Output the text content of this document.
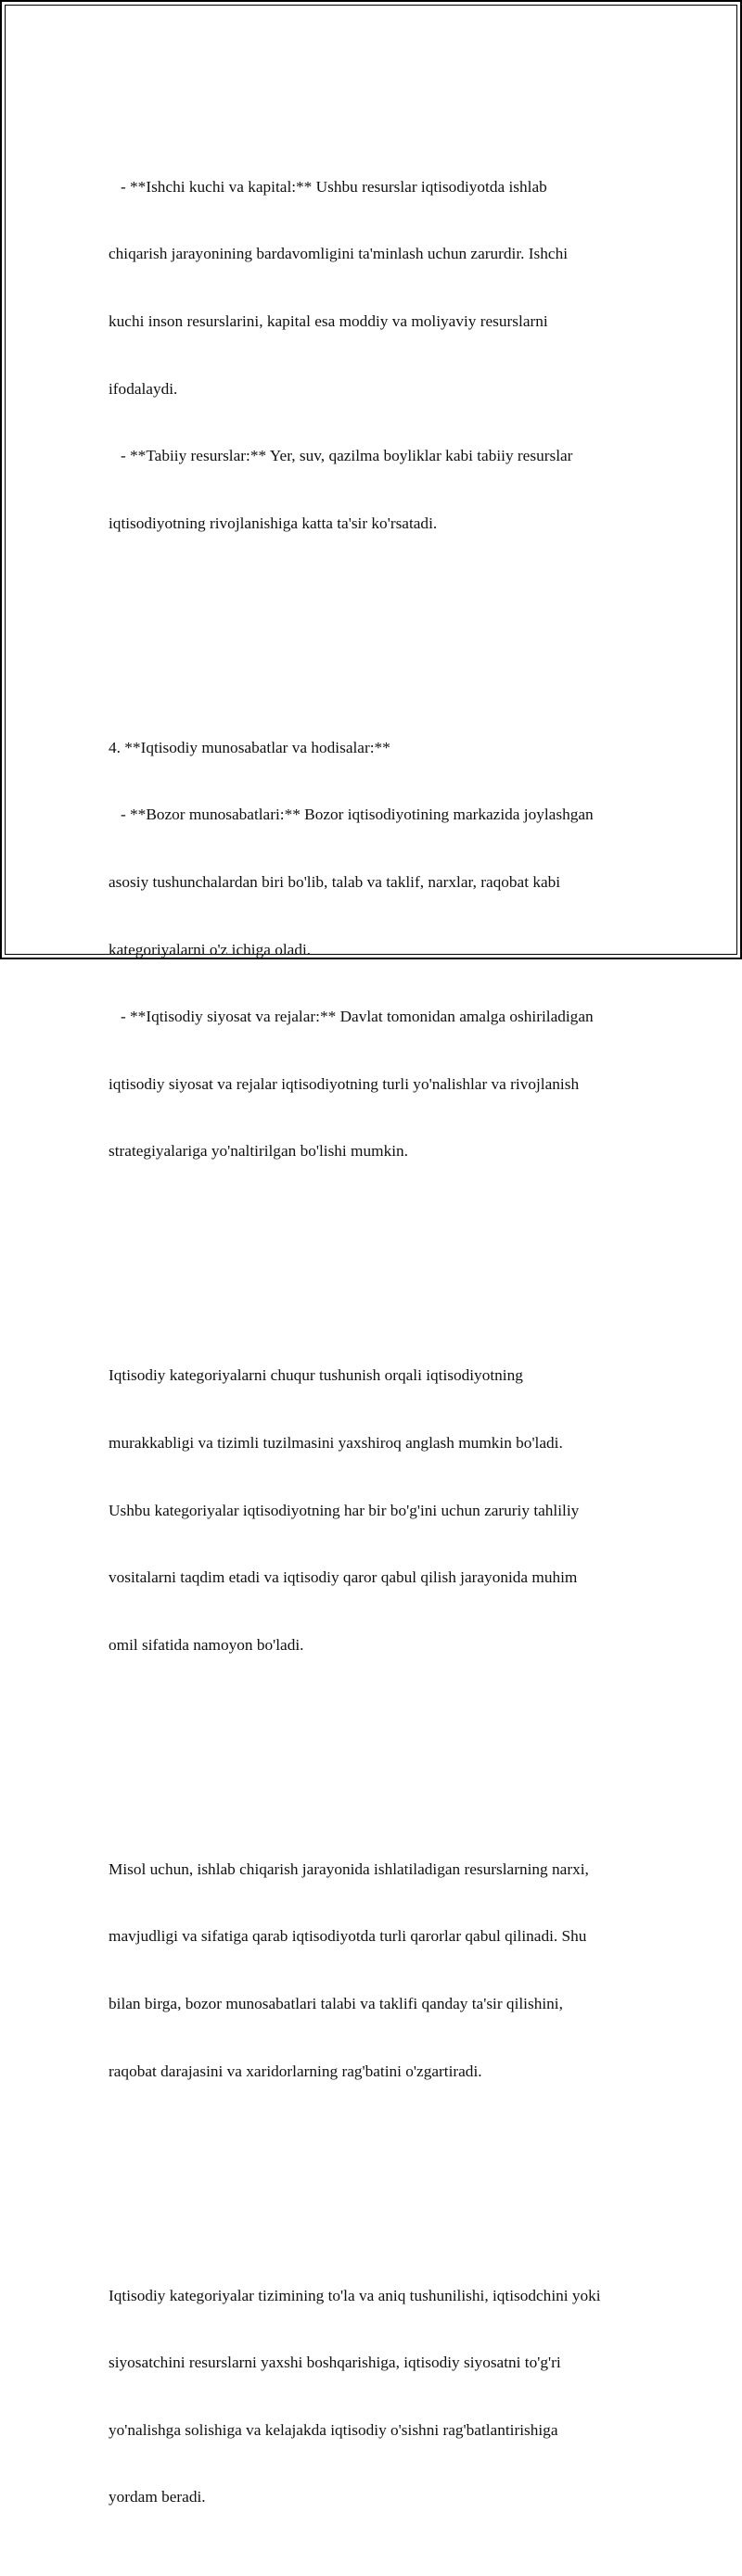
- **Ishchi kuchi va kapital:** Ushbu resurslar iqtisodiyotda ishlab

chiqarish jarayonining bardavomligini ta'minlash uchun zarurdir. Ishchi

kuchi inson resurslarini, kapital esa moddiy va moliyaviy resurslarni

ifodalaydi.

- **Tabiiy resurslar:** Yer, suv, qazilma boyliklar kabi tabiiy resurslar

iqtisodiyotning rivojlanishiga katta ta'sir ko'rsatadi.

4. **Iqtisodiy munosabatlar va hodisalar:**

- **Bozor munosabatlari:** Bozor iqtisodiyotining markazida joylashgan

asosiy tushunchalardan biri bo'lib, talab va taklif, narxlar, raqobat kabi

kategoriyalarni o'z ichiga oladi.

- **Iqtisodiy siyosat va rejalar:** Davlat tomonidan amalga oshiriladigan

iqtisodiy siyosat va rejalar iqtisodiyotning turli yo'nalishlar va rivojlanish

strategiyalariga yo'naltirilgan bo'lishi mumkin.

Iqtisodiy kategoriyalarni chuqur tushunish orqali iqtisodiyotning

murakkabligi va tizimli tuzilmasini yaxshiroq anglash mumkin bo'ladi.

Ushbu kategoriyalar iqtisodiyotning har bir bo'g'ini uchun zaruriy tahliliy

vositalarni taqdim etadi va iqtisodiy qaror qabul qilish jarayonida muhim

omil sifatida namoyon bo'ladi.

Misol uchun, ishlab chiqarish jarayonida ishlatiladigan resurslarning narxi,

mavjudligi va sifatiga qarab iqtisodiyotda turli qarorlar qabul qilinadi. Shu

bilan birga, bozor munosabatlari talabi va taklifi qanday ta'sir qilishini,

raqobat darajasini va xaridorlarning rag'batini o'zgartiradi.

Iqtisodiy kategoriyalar tizimining to'la va aniq tushunilishi, iqtisodchini yoki

siyosatchini resurslarni yaxshi boshqarishiga, iqtisodiy siyosatni to'g'ri

yo'nalishga solishiga va kelajakda iqtisodiy o'sishni rag'batlantirishiga

yordam beradi.
